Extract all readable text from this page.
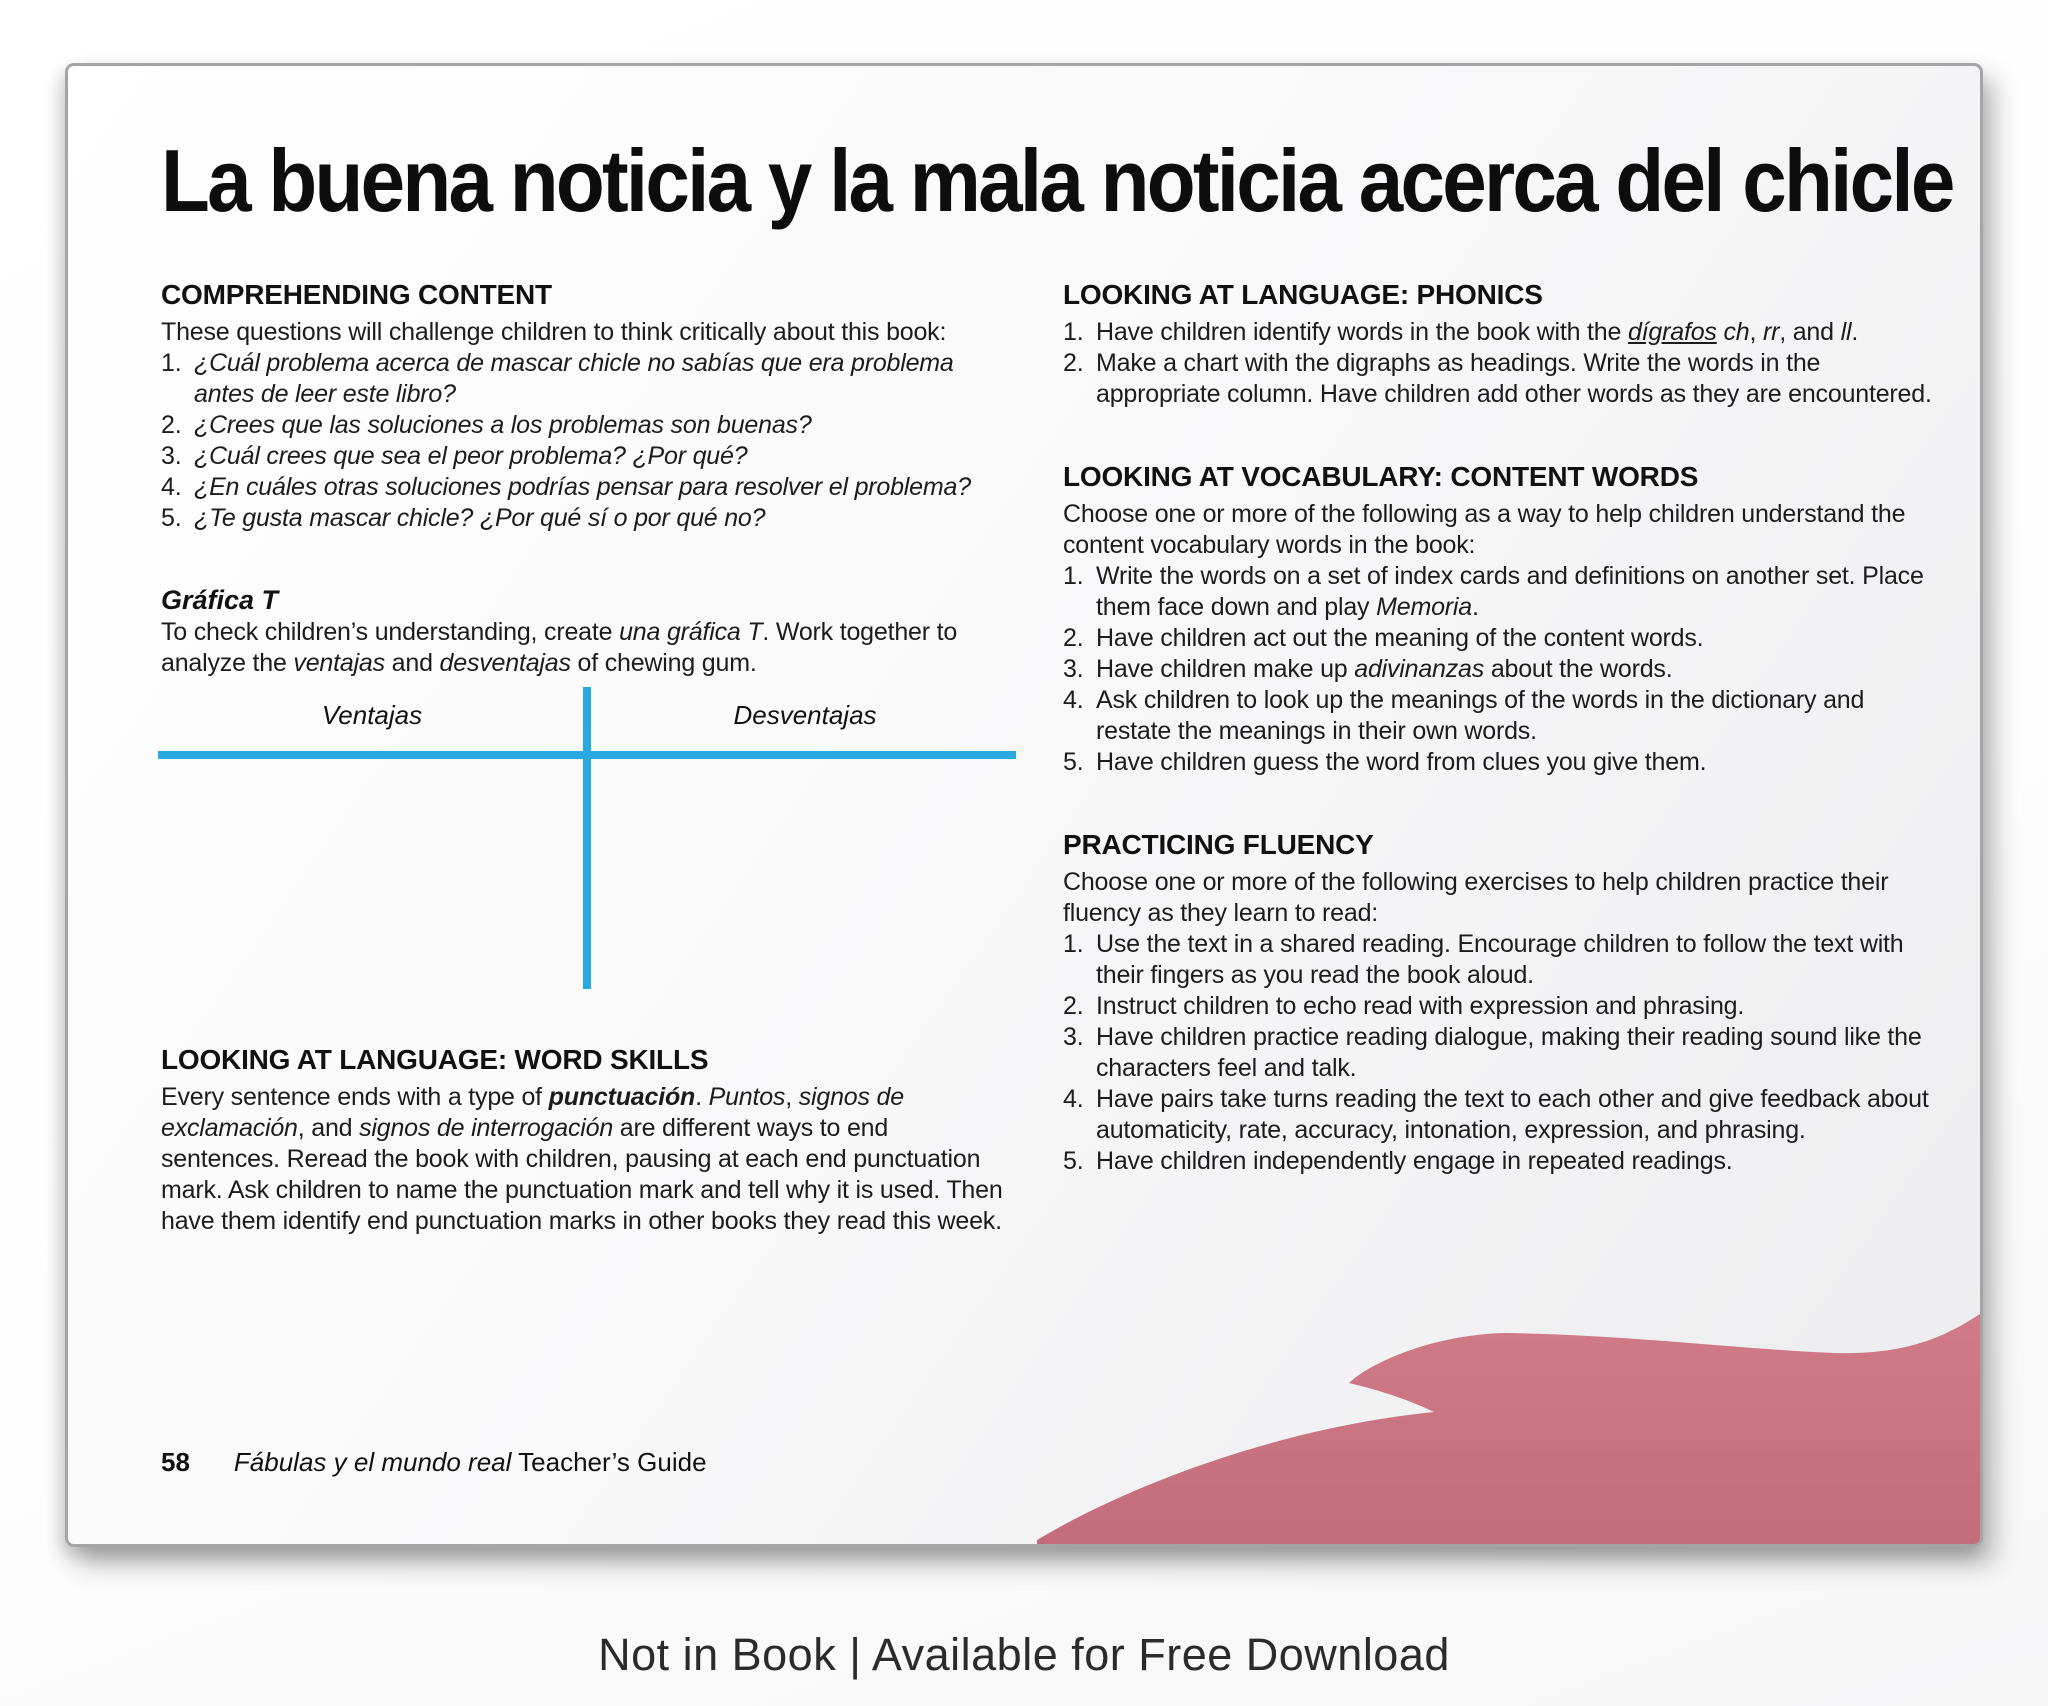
La buena noticia y la mala noticia acerca del chicle
COMPREHENDING CONTENT

These questions will challenge children to think critically about this book:

1. ¿Cuál problema acerca de mascar chicle no sabías que era problema antes de leer este libro?
2. ¿Crees que las soluciones a los problemas son buenas?
3. ¿Cuál crees que sea el peor problema? ¿Por qué?
4. ¿En cuáles otras soluciones podrías pensar para resolver el problema?
5. ¿Te gusta mascar chicle? ¿Por qué sí o por qué no?
Gráfica T

To check children’s understanding, create una gráfica T. Work together to analyze the ventajas and desventajas of chewing gum.

Ventajas	Desventajas
LOOKING AT LANGUAGE: WORD SKILLS

Every sentence ends with a type of punctuación. Puntos, signos de exclamación, and signos de interrogación are different ways to end sentences. Reread the book with children, pausing at each end punctuation mark. Ask children to name the punctuation mark and tell why it is used. Then have them identify end punctuation marks in other books they read this week.

LOOKING AT LANGUAGE: PHONICS
1. Have children identify words in the book with the dígrafos ch, rr, and ll.
2. Make a chart with the digraphs as headings. Write the words in the appropriate column. Have children add other words as they are encountered.
LOOKING AT VOCABULARY: CONTENT WORDS

Choose one or more of the following as a way to help children understand the content vocabulary words in the book:

1. Write the words on a set of index cards and definitions on another set. Place them face down and play Memoria.
2. Have children act out the meaning of the content words.
3. Have children make up adivinanzas about the words.
4. Ask children to look up the meanings of the words in the dictionary and restate the meanings in their own words.
5. Have children guess the word from clues you give them.
PRACTICING FLUENCY

Choose one or more of the following exercises to help children practice their fluency as they learn to read:

1. Use the text in a shared reading. Encourage children to follow the text with their fingers as you read the book aloud.
2. Instruct children to echo read with expression and phrasing.
3. Have children practice reading dialogue, making their reading sound like the characters feel and talk.
4. Have pairs take turns reading the text to each other and give feedback about automaticity, rate, accuracy, intonation, expression, and phrasing.
5. Have children independently engage in repeated readings.
58 Fábulas y el mundo real Teacher’s Guide
Not in Book | Available for Free Download
